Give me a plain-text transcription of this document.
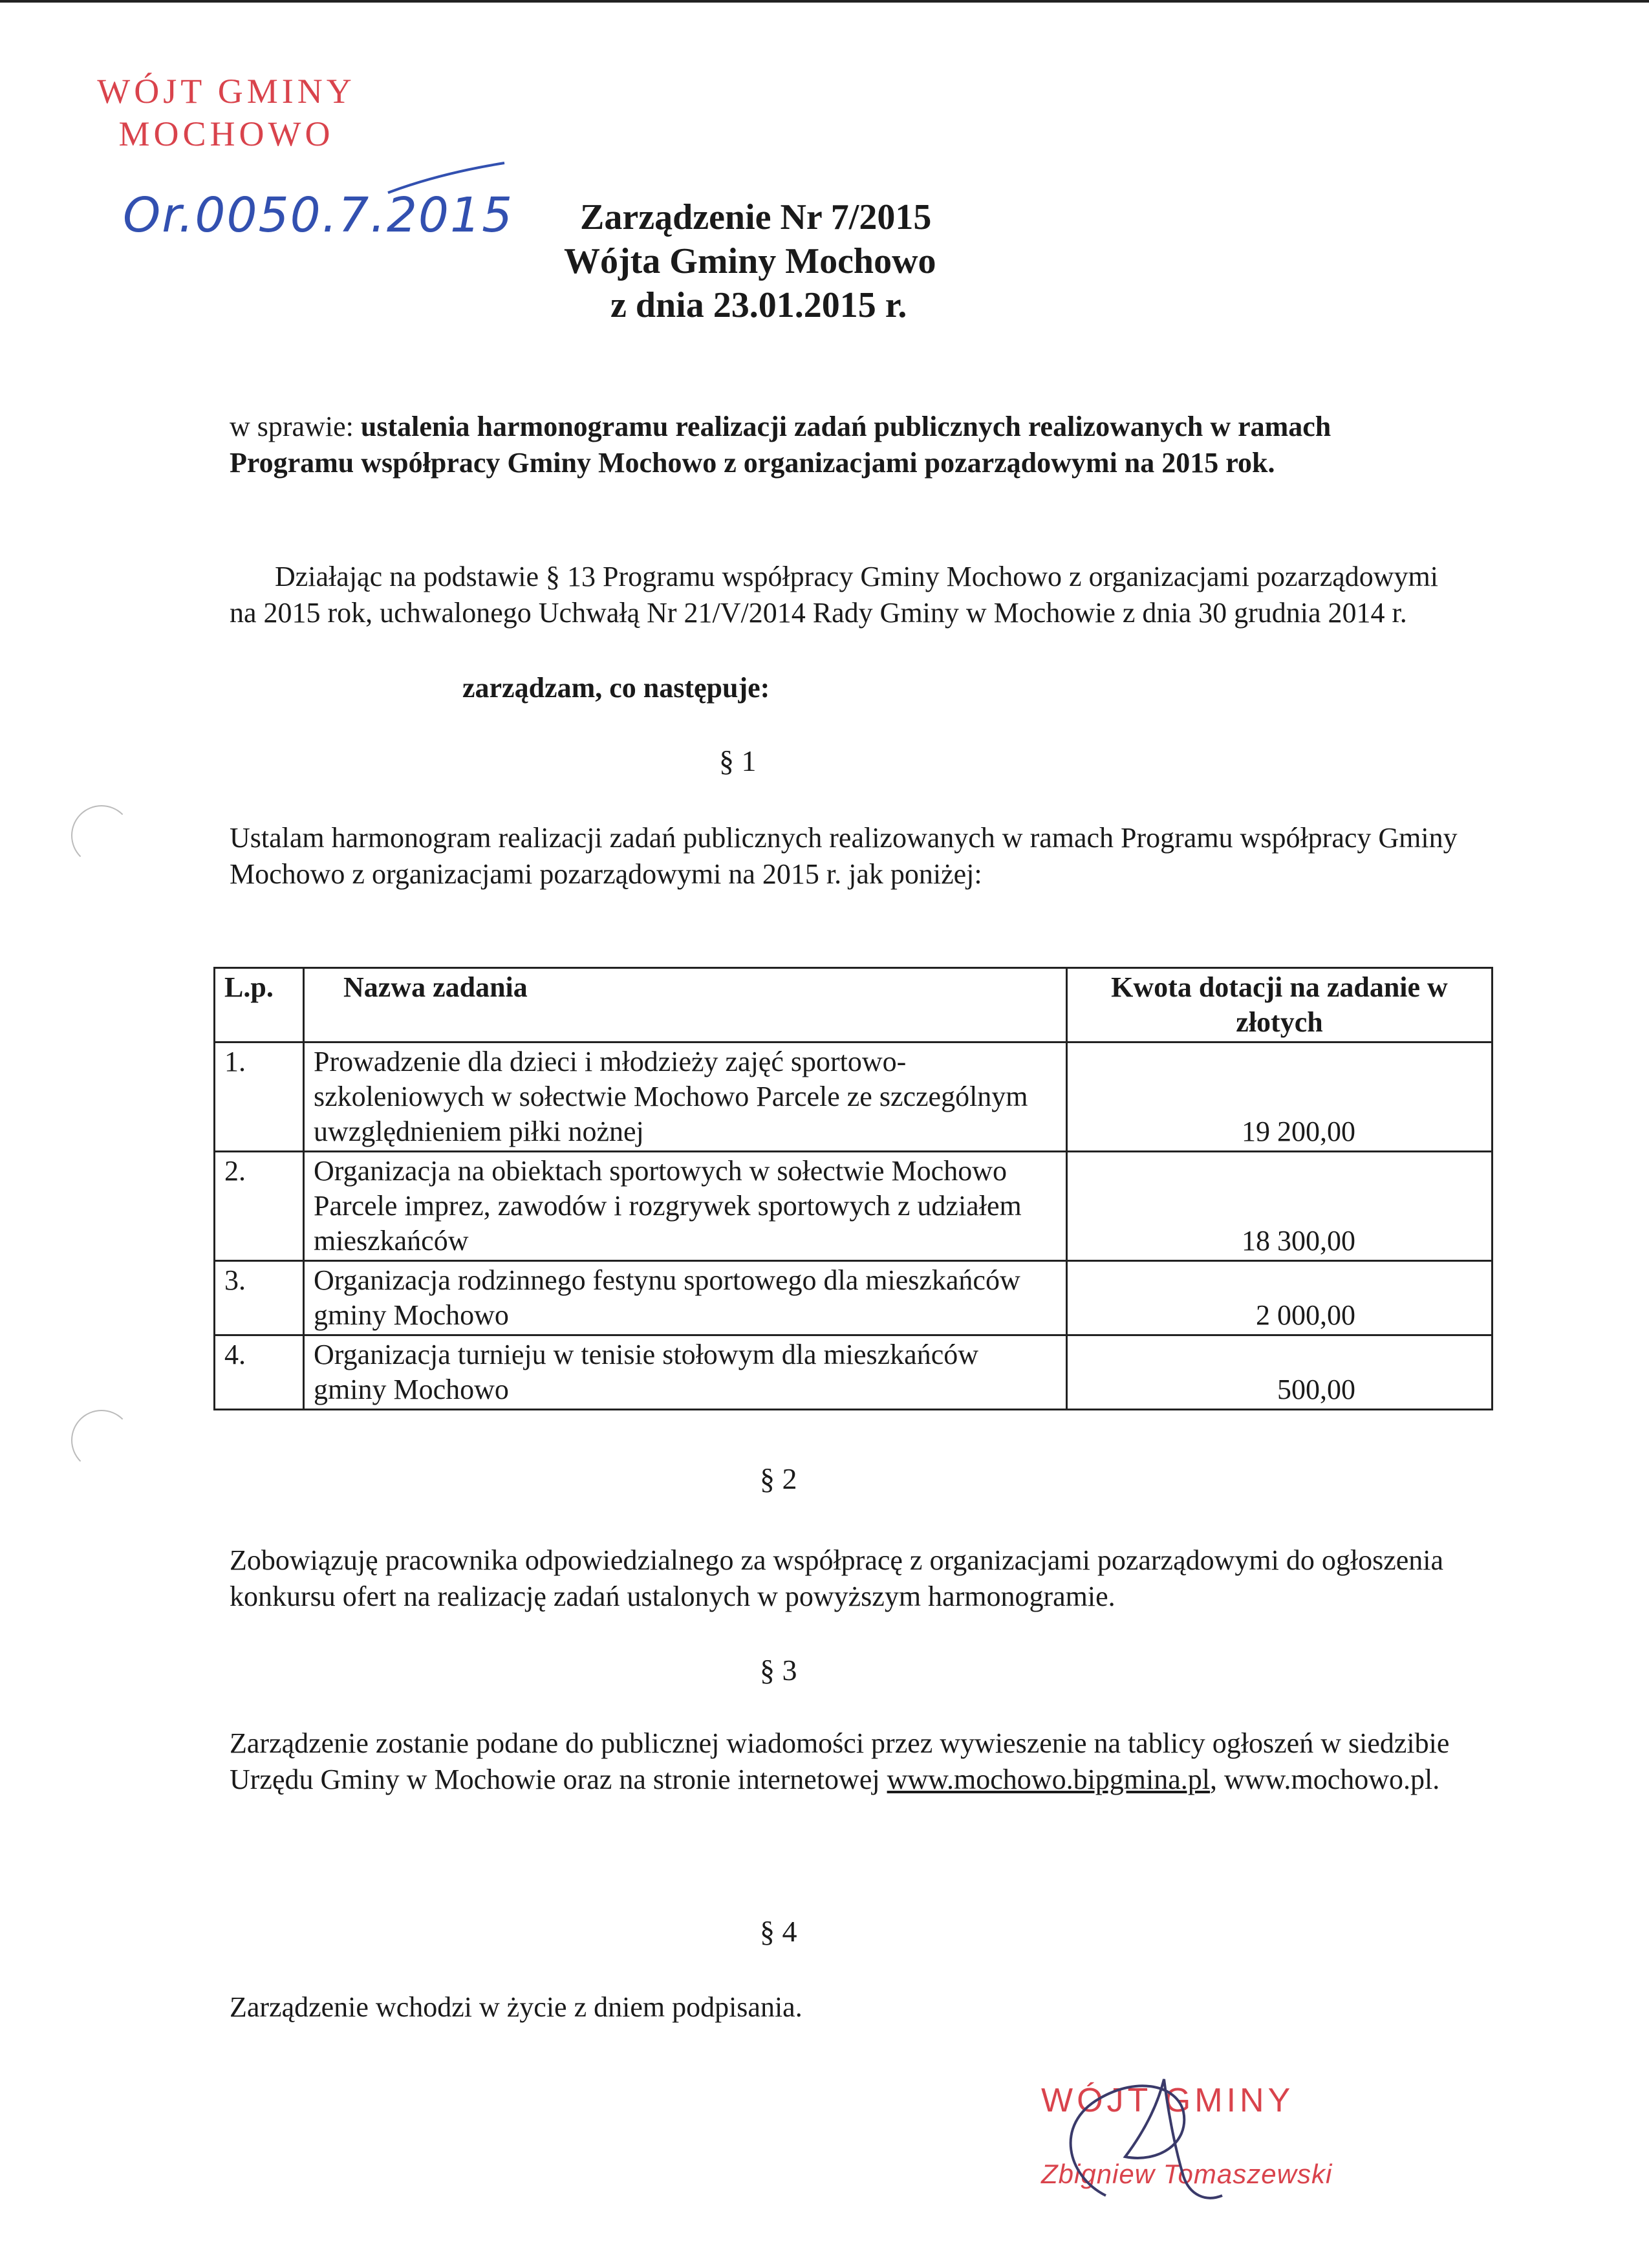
WÓJT GMINY
MOCHOWO
Or.0050.7.2015 Zarządzenie Nr 7/2015
Wójta Gminy Mochowo
z dnia 23.01.2015 r.
w sprawie: ustalenia harmonogramu realizacji zadań publicznych realizowanych w ramach Programu współpracy Gminy Mochowo z organizacjami pozarządowymi na 2015 rok.
Działając na podstawie § 13 Programu współpracy Gminy Mochowo z organizacjami pozarządowymi na 2015 rok, uchwalonego Uchwałą Nr 21/V/2014 Rady Gminy w Mochowie z dnia 30 grudnia 2014 r.
zarządzam, co następuje:
§ 1
Ustalam harmonogram realizacji zadań publicznych realizowanych w ramach Programu współpracy Gminy Mochowo z organizacjami pozarządowymi na 2015 r. jak poniżej:
L.p.	Nazwa zadania	Kwota dotacji na zadanie w złotych
1.	Prowadzenie dla dzieci i młodzieży zajęć sportowo-szkoleniowych w sołectwie Mochowo Parcele ze szczególnym uwzględnieniem piłki nożnej	19 200,00
2.	Organizacja na obiektach sportowych w sołectwie Mochowo Parcele imprez, zawodów i rozgrywek sportowych z udziałem mieszkańców	18 300,00
3.	Organizacja rodzinnego festynu sportowego dla mieszkańców gminy Mochowo	2 000,00
4.	Organizacja turnieju w tenisie stołowym dla mieszkańców gminy Mochowo	500,00
§ 2
Zobowiązuję pracownika odpowiedzialnego za współpracę z organizacjami pozarządowymi do ogłoszenia konkursu ofert na realizację zadań ustalonych w powyższym harmonogramie.
§ 3
Zarządzenie zostanie podane do publicznej wiadomości przez wywieszenie na tablicy ogłoszeń w siedzibie Urzędu Gminy w Mochowie oraz na stronie internetowej www.mochowo.bipgmina.pl, www.mochowo.pl.
§ 4
Zarządzenie wchodzi w życie z dniem podpisania.
WÓJT GMINY
Zbigniew Tomaszewski
